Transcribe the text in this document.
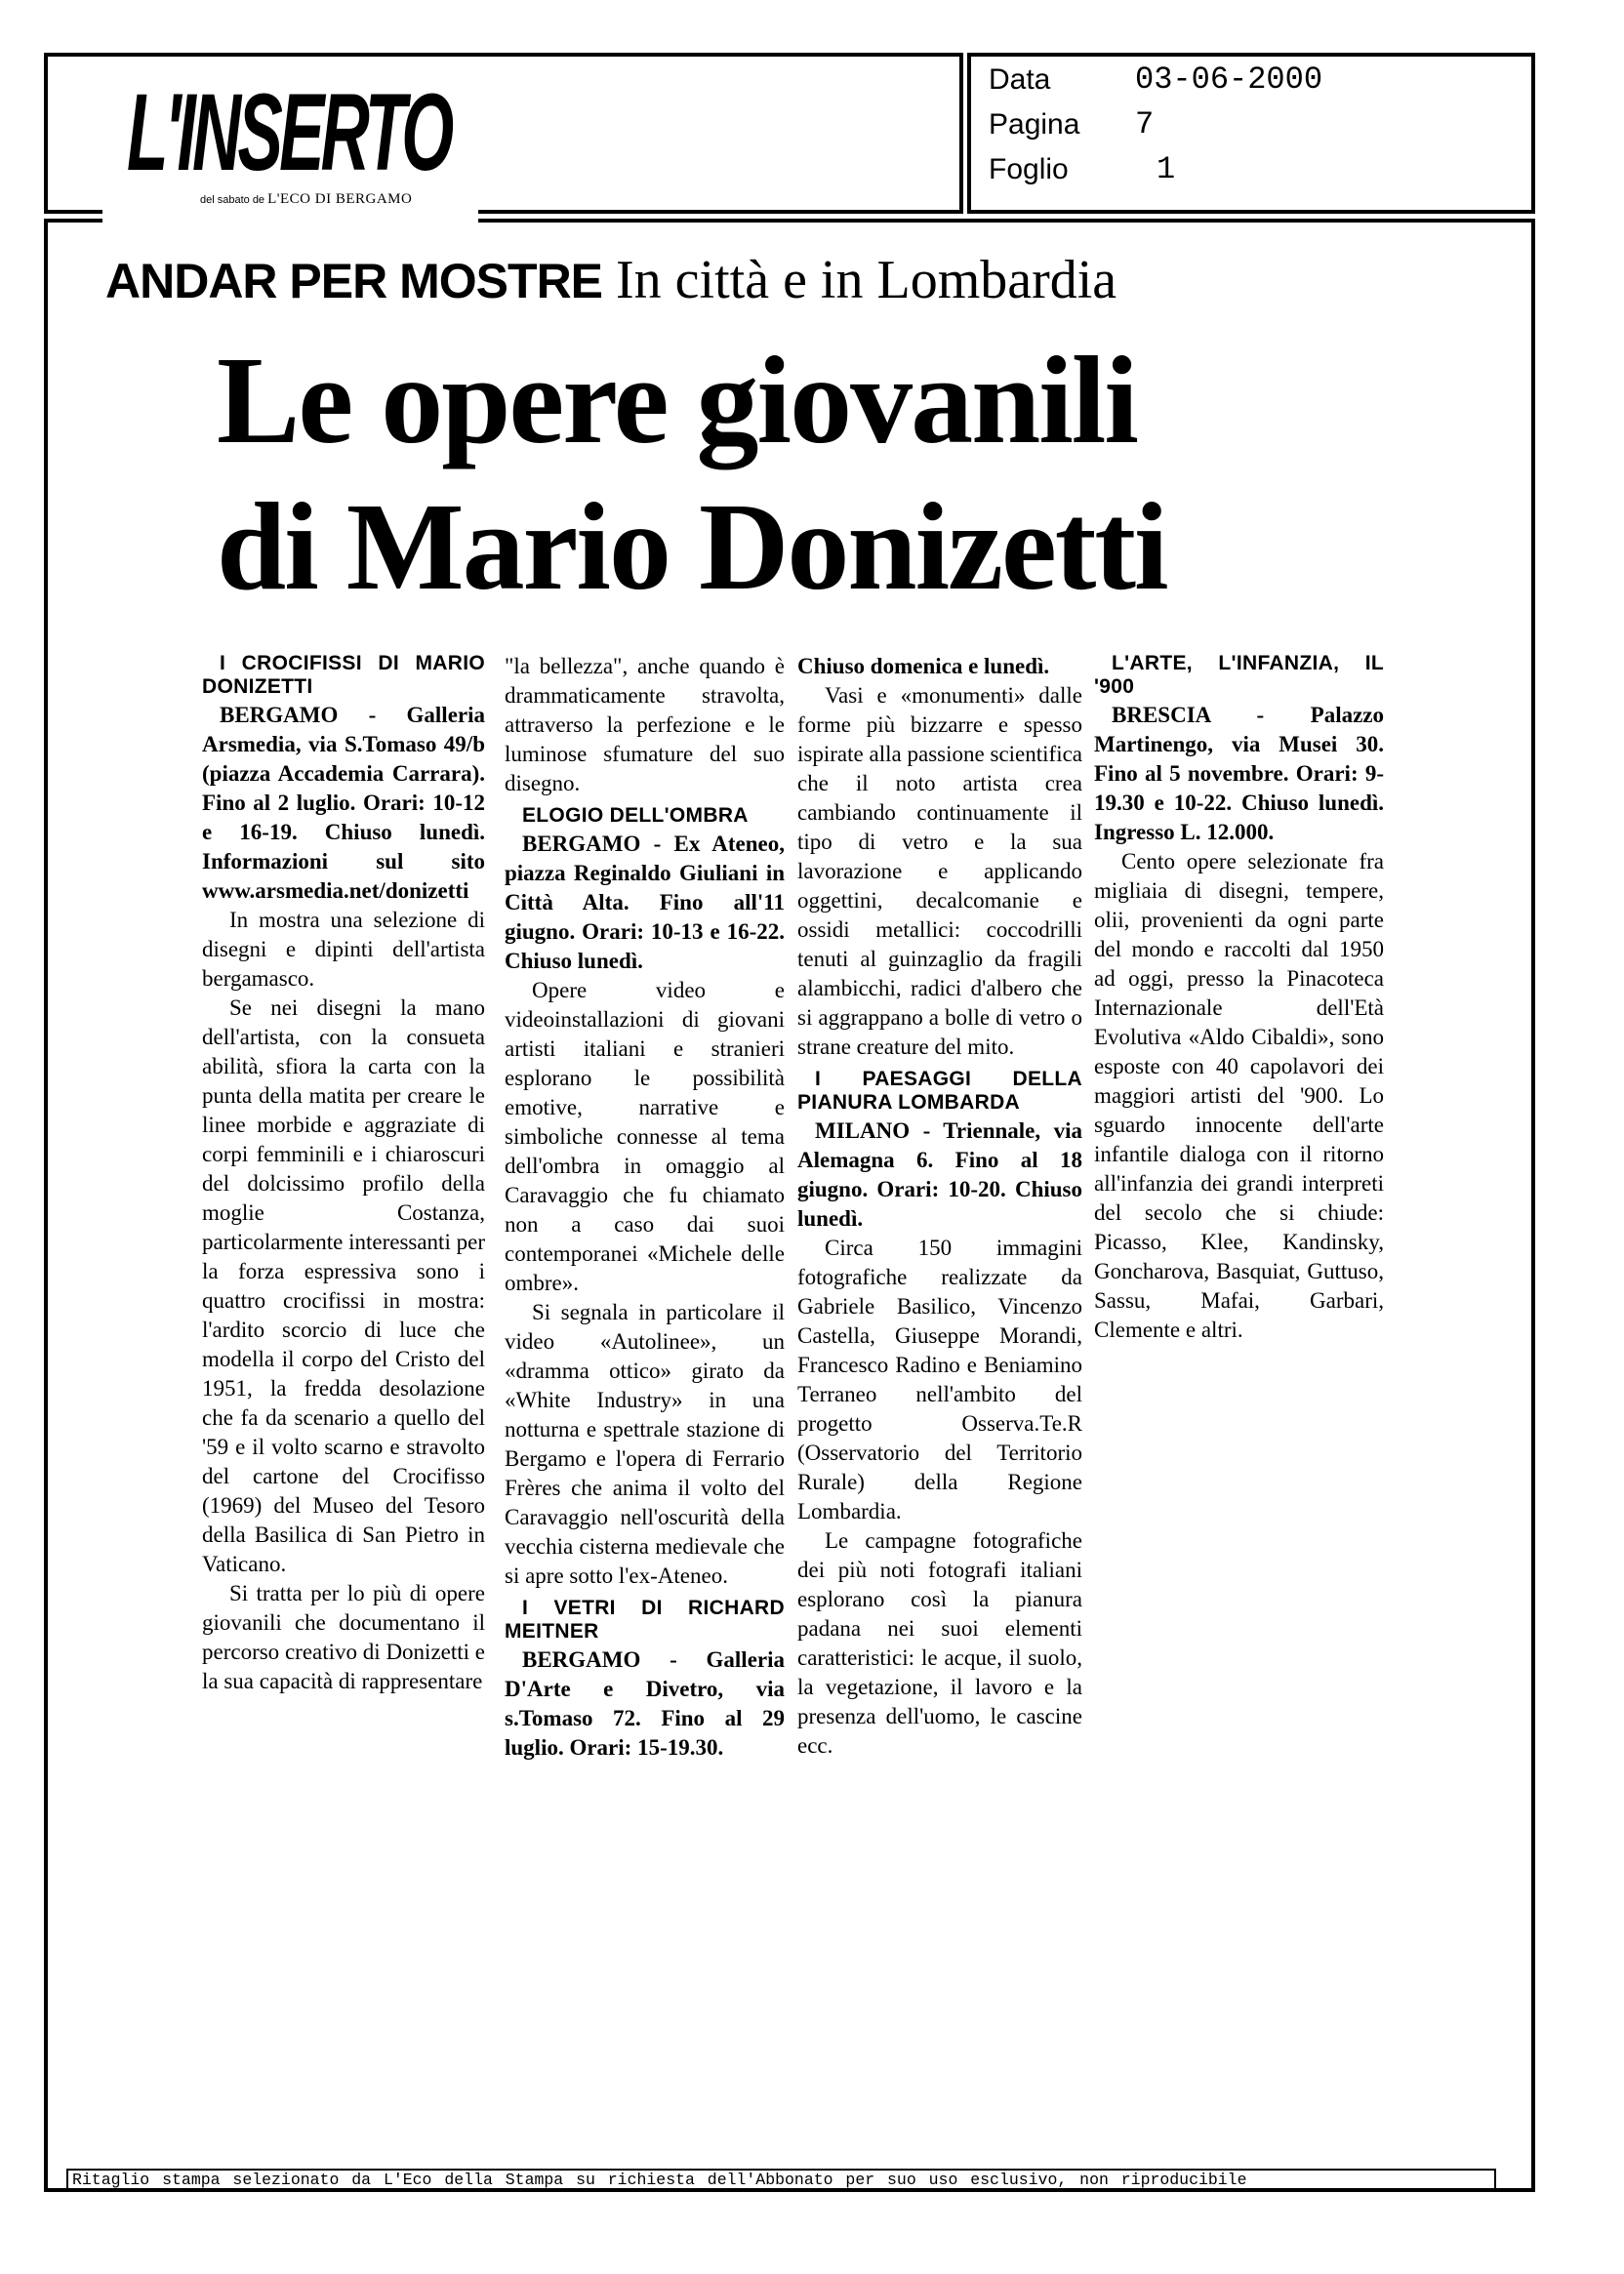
L'INSERTO
del sabato de L'ECO DI BERGAMO
Data	03-06-2000
Pagina 7
Foglio	1
ANDAR PER MOSTRE In città e in Lombardia
Le opere giovanili
di Mario Donizetti
I CROCIFISSI DI MARIO DONIZETTI

BERGAMO - Galleria Arsmedia, via S.Tomaso 49/b (piazza Accademia Carrara). Fino al 2 luglio. Orari: 10-12 e 16-19. Chiuso lunedì. Informazioni sul sito www.arsmedia.net/donizetti

In mostra una selezione di disegni e dipinti dell'artista bergamasco.

Se nei disegni la mano dell'artista, con la consueta abilità, sfiora la carta con la punta della matita per creare le linee morbide e aggraziate di corpi femminili e i chiaroscuri del dolcissimo profilo della moglie Costanza, particolarmente interessanti per la forza espressiva sono i quattro crocifissi in mostra: l'ardito scorcio di luce che modella il corpo del Cristo del 1951, la fredda desolazione che fa da scenario a quello del '59 e il volto scarno e stravolto del cartone del Crocifisso (1969) del Museo del Tesoro della Basilica di San Pietro in Vaticano.

Si tratta per lo più di opere giovanili che documentano il percorso creativo di Donizetti e la sua capacità di rappresentare

"la bellezza", anche quando è drammaticamente stravolta, attraverso la perfezione e le luminose sfumature del suo disegno.

ELOGIO DELL'OMBRA

BERGAMO - Ex Ateneo, piazza Reginaldo Giuliani in Città Alta. Fino all'11 giugno. Orari: 10-13 e 16-22. Chiuso lunedì.

Opere video e videoinstallazioni di giovani artisti italiani e stranieri esplorano le possibilità emotive, narrative e simboliche connesse al tema dell'ombra in omaggio al Caravaggio che fu chiamato non a caso dai suoi contemporanei «Michele delle ombre».

Si segnala in particolare il video «Autolinee», un «dramma ottico» girato da «White Industry» in una notturna e spettrale stazione di Bergamo e l'opera di Ferrario Frères che anima il volto del Caravaggio nell'oscurità della vecchia cisterna medievale che si apre sotto l'ex-Ateneo.

I VETRI DI RICHARD MEITNER

BERGAMO - Galleria D'Arte e Divetro, via s.Tomaso 72. Fino al 29 luglio. Orari: 15-19.30.

Chiuso domenica e lunedì.

Vasi e «monumenti» dalle forme più bizzarre e spesso ispirate alla passione scientifica che il noto artista crea cambiando continuamente il tipo di vetro e la sua lavorazione e applicando oggettini, decalcomanie e ossidi metallici: coccodrilli tenuti al guinzaglio da fragili alambicchi, radici d'albero che si aggrappano a bolle di vetro o strane creature del mito.

I PAESAGGI DELLA PIANURA LOMBARDA

MILANO - Triennale, via Alemagna 6. Fino al 18 giugno. Orari: 10-20. Chiuso lunedì.

Circa 150 immagini fotografiche realizzate da Gabriele Basilico, Vincenzo Castella, Giuseppe Morandi, Francesco Radino e Beniamino Terraneo nell'ambito del progetto Osserva.Te.R (Osservatorio del Territorio Rurale) della Regione Lombardia.

Le campagne fotografiche dei più noti fotografi italiani esplorano così la pianura padana nei suoi elementi caratteristici: le acque, il suolo, la vegetazione, il lavoro e la presenza dell'uomo, le cascine ecc.

L'ARTE, L'INFANZIA, IL '900

BRESCIA - Palazzo Martinengo, via Musei 30. Fino al 5 novembre. Orari: 9-19.30 e 10-22. Chiuso lunedì. Ingresso L. 12.000.

Cento opere selezionate fra migliaia di disegni, tempere, olii, provenienti da ogni parte del mondo e raccolti dal 1950 ad oggi, presso la Pinacoteca Internazionale dell'Età Evolutiva «Aldo Cibaldi», sono esposte con 40 capolavori dei maggiori artisti del '900. Lo sguardo innocente dell'arte infantile dialoga con il ritorno all'infanzia dei grandi interpreti del secolo che si chiude: Picasso, Klee, Kandinsky, Goncharova, Basquiat, Guttuso, Sassu, Mafai, Garbari, Clemente e altri.

Ritaglio stampa selezionato da L'Eco della Stampa su richiesta dell'Abbonato per suo uso esclusivo, non riproducibile
